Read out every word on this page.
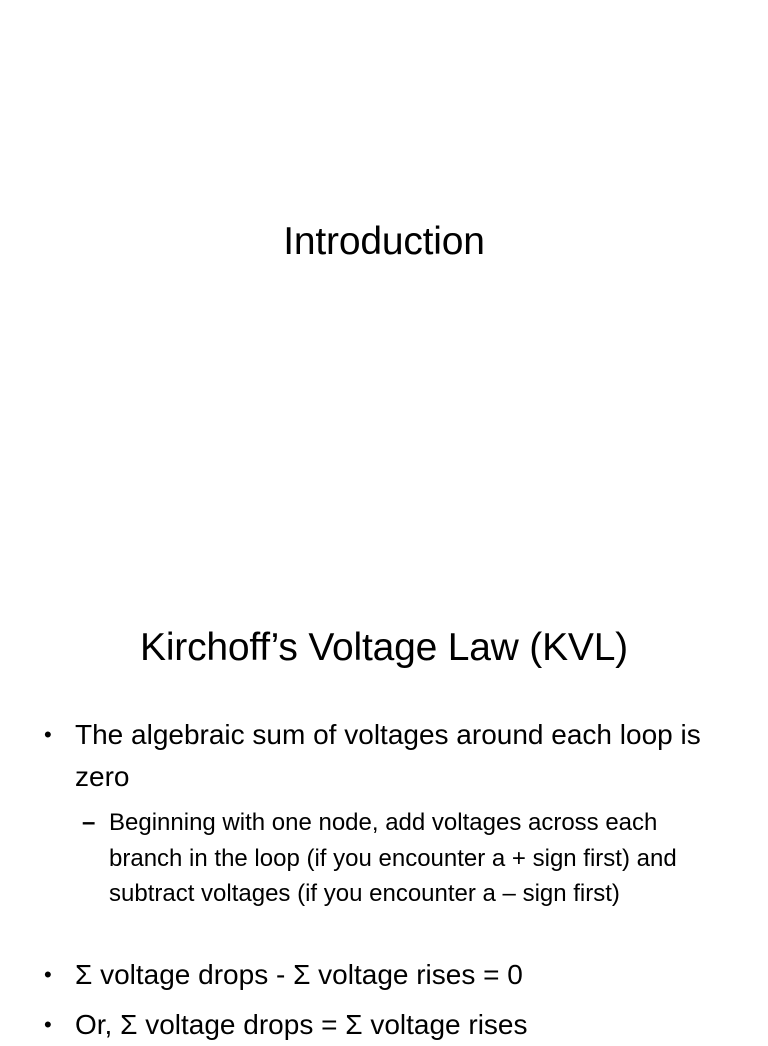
Introduction
Kirchoff’s Voltage Law (KVL)
• The algebraic sum of voltages around each loop is zero
– Beginning with one node, add voltages across each branch in the loop (if you encounter a + sign first) and subtract voltages (if you encounter a – sign first)
• Σ voltage drops - Σ voltage rises = 0
• Or, Σ voltage drops = Σ voltage rises
